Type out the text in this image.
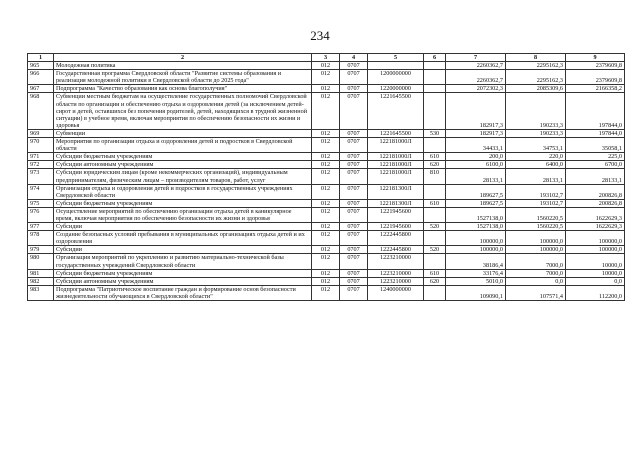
234
1	2	3	4	5	6	7	8	9
965	Молодежная политика	012	0707			2260362,7	2295162,3	2379609,8
966	Государственная программа Свердловской области "Развитие системы образования и реализация молодежной политики в Свердловской области до 2025 года"	012	0707	1200000000		2260362,7	2295162,3	2379609,8
967	Подпрограмма "Качество образования как основа благополучия"	012	0707	1220000000		2072302,3	2085309,6	2166358,2
968	Субвенции местным бюджетам на осуществление государственных полномочий Свердловской области по организации и обеспечению отдыха и оздоровления детей (за исключением детей-сирот и детей, оставшихся без попечения родителей, детей, находящихся в трудной жизненной ситуации) в учебное время, включая мероприятия по обеспечению безопасности их жизни и здоровья	012	0707	1221645500		182917,3	190233,3	197844,0
969	Субвенции	012	0707	1221645500	530	182917,3	190233,3	197844,0
970	Мероприятия по организации отдыха и оздоровления детей и подростков в Свердловской области	012	0707	122181000Л		34433,1	34753,1	35058,1
971	Субсидии бюджетным учреждениям	012	0707	122181000Л	610	200,0	220,0	225,0
972	Субсидии автономным учреждениям	012	0707	122181000Л	620	6100,0	6400,0	6700,0
973	Субсидии юридическим лицам (кроме некоммерческих организаций), индивидуальным предпринимателям, физическим лицам – производителям товаров, работ, услуг	012	0707	122181000Л	810	28133,1	28133,1	28133,1
974	Организация отдыха и оздоровления детей и подростков в государственных учреждениях Свердловской области	012	0707	122181300Л		189627,5	193102,7	200826,8
975	Субсидии бюджетным учреждениям	012	0707	122181300Л	610	189627,5	193102,7	200826,8
976	Осуществление мероприятий по обеспечению организации отдыха детей в каникулярное время, включая мероприятия по обеспечению безопасности их жизни и здоровья	012	0707	1221945600		1527138,0	1560220,5	1622629,3
977	Субсидии	012	0707	1221945600	520	1527138,0	1560220,5	1622629,3
978	Создание безопасных условий пребывания в муниципальных организациях отдыха детей и их оздоровления	012	0707	1222445800		100000,0	100000,0	100000,0
979	Субсидии	012	0707	1222445800	520	100000,0	100000,0	100000,0
980	Организация мероприятий по укреплению и развитию материально-технической базы государственных учреждений Свердловской области	012	0707	1223210000		38186,4	7000,0	10000,0
981	Субсидии бюджетным учреждениям	012	0707	1223210000	610	33176,4	7000,0	10000,0
982	Субсидии автономным учреждениям	012	0707	1223210000	620	5010,0	0,0	0,0
983	Подпрограмма "Патриотическое воспитание граждан и формирование основ безопасности жизнедеятельности обучающихся в Свердловской области"	012	0707	1240000000		109090,1	107571,4	112200,0
